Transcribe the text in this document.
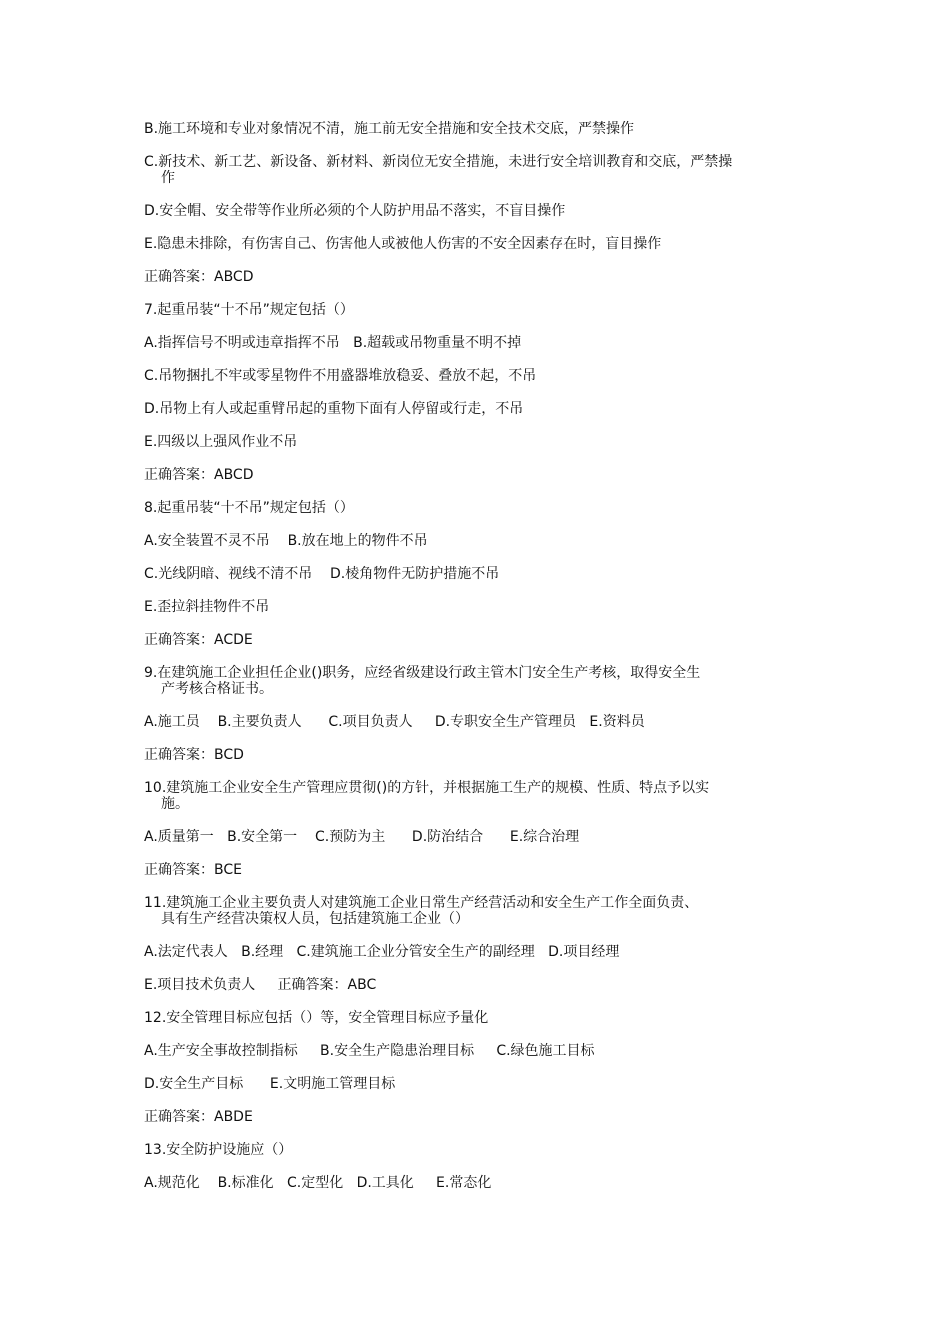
B.施工环境和专业对象情况不清，施工前无安全措施和安全技术交底，严禁操作
C.新技术、新工艺、新设备、新材料、新岗位无安全措施，未进行安全培训教育和交底，严禁操
作
D.安全帽、安全带等作业所必须的个人防护用品不落实，不盲目操作
E.隐患未排除，有伤害自己、伤害他人或被他人伤害的不安全因素存在时，盲目操作
正确答案：ABCD
7.起重吊装“十不吊”规定包括（）
A.指挥信号不明或违章指挥不吊   B.超载或吊物重量不明不掉
C.吊物捆扎不牢或零星物件不用盛器堆放稳妥、叠放不起，不吊
D.吊物上有人或起重臂吊起的重物下面有人停留或行走，不吊
E.四级以上强风作业不吊
正确答案：ABCD
8.起重吊装“十不吊”规定包括（）
A.安全装置不灵不吊    B.放在地上的物件不吊
C.光线阴暗、视线不清不吊    D.棱角物件无防护措施不吊
E.歪拉斜挂物件不吊
正确答案：ACDE
9.在建筑施工企业担任企业()职务，应经省级建设行政主管木门安全生产考核，取得安全生
产考核合格证书。
A.施工员    B.主要负责人      C.项目负责人     D.专职安全生产管理员   E.资料员
正确答案：BCD
10.建筑施工企业安全生产管理应贯彻()的方针，并根据施工生产的规模、性质、特点予以实
施。
A.质量第一   B.安全第一    C.预防为主      D.防治结合      E.综合治理
正确答案：BCE
11.建筑施工企业主要负责人对建筑施工企业日常生产经营活动和安全生产工作全面负责、
具有生产经营决策权人员，包括建筑施工企业（）
A.法定代表人   B.经理   C.建筑施工企业分管安全生产的副经理   D.项目经理
E.项目技术负责人     正确答案：ABC
12.安全管理目标应包括（）等，安全管理目标应予量化
A.生产安全事故控制指标     B.安全生产隐患治理目标     C.绿色施工目标
D.安全生产目标      E.文明施工管理目标
正确答案：ABDE
13.安全防护设施应（）
A.规范化    B.标准化   C.定型化   D.工具化     E.常态化
